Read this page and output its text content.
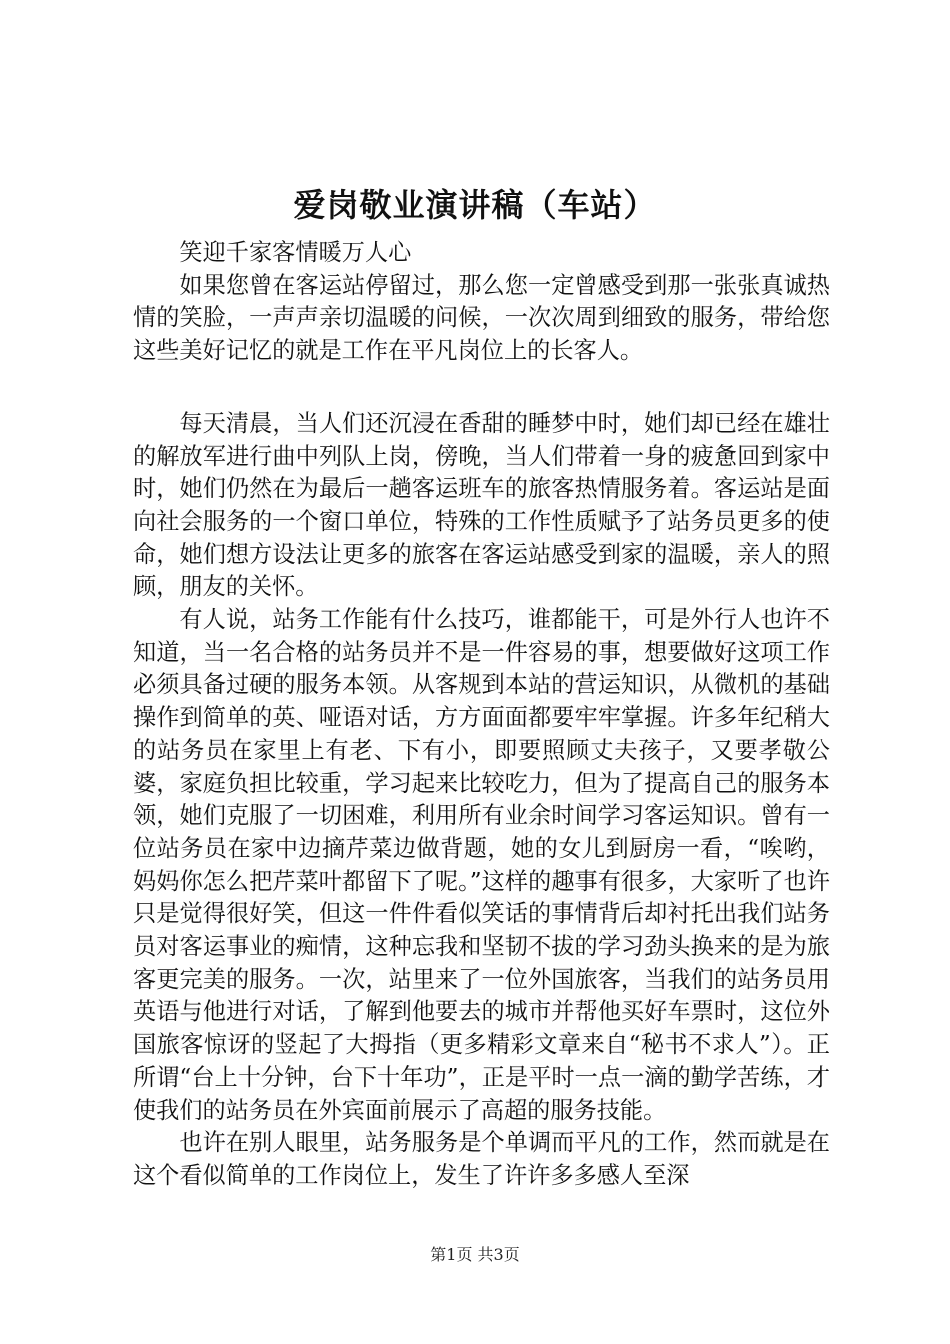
爱岗敬业演讲稿（车站）

笑迎千家客情暖万人心

如果您曾在客运站停留过，那么您一定曾感受到那一张张真诚热情的笑脸，一声声亲切温暖的问候，一次次周到细致的服务，带给您这些美好记忆的就是工作在平凡岗位上的长客人。

每天清晨，当人们还沉浸在香甜的睡梦中时，她们却已经在雄壮的解放军进行曲中列队上岗，傍晚，当人们带着一身的疲惫回到家中时，她们仍然在为最后一趟客运班车的旅客热情服务着。客运站是面向社会服务的一个窗口单位，特殊的工作性质赋予了站务员更多的使命，她们想方设法让更多的旅客在客运站感受到家的温暖，亲人的照顾，朋友的关怀。

有人说，站务工作能有什么技巧，谁都能干，可是外行人也许不知道，当一名合格的站务员并不是一件容易的事，想要做好这项工作必须具备过硬的服务本领。从客规到本站的营运知识，从微机的基础操作到简单的英、哑语对话，方方面面都要牢牢掌握。许多年纪稍大的站务员在家里上有老、下有小，即要照顾丈夫孩子，又要孝敬公婆，家庭负担比较重，学习起来比较吃力，但为了提高自己的服务本领，她们克服了一切困难，利用所有业余时间学习客运知识。曾有一位站务员在家中边摘芹菜边做背题，她的女儿到厨房一看，“唉哟，妈妈你怎么把芹菜叶都留下了呢。”这样的趣事有很多，大家听了也许只是觉得很好笑，但这一件件看似笑话的事情背后却衬托出我们站务员对客运事业的痴情，这种忘我和坚韧不拔的学习劲头换来的是为旅客更完美的服务。一次，站里来了一位外国旅客，当我们的站务员用英语与他进行对话，了解到他要去的城市并帮他买好车票时，这位外国旅客惊讶的竖起了大拇指（更多精彩文章来自“秘书不求人”）。正所谓“台上十分钟，台下十年功”，正是平时一点一滴的勤学苦练，才使我们的站务员在外宾面前展示了高超的服务技能。

也许在别人眼里，站务服务是个单调而平凡的工作，然而就是在这个看似简单的工作岗位上，发生了许许多多感人至深

第1页 共3页
